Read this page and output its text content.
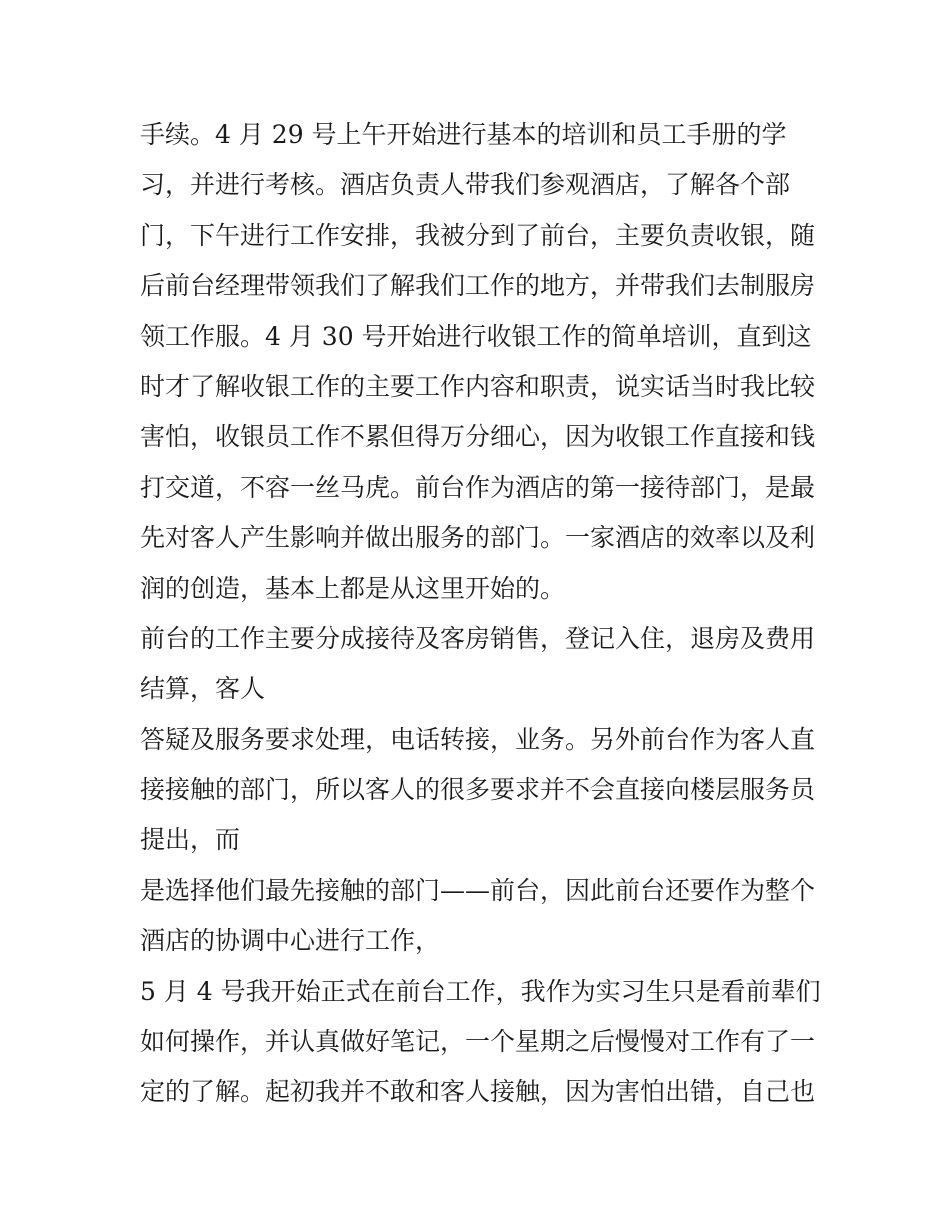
手续。4 月 29 号上午开始进行基本的培训和员工手册的学
习，并进行考核。酒店负责人带我们参观酒店，了解各个部
门，下午进行工作安排，我被分到了前台，主要负责收银，随
后前台经理带领我们了解我们工作的地方，并带我们去制服房
领工作服。4 月 30 号开始进行收银工作的简单培训，直到这
时才了解收银工作的主要工作内容和职责，说实话当时我比较
害怕，收银员工作不累但得万分细心，因为收银工作直接和钱
打交道，不容一丝马虎。前台作为酒店的第一接待部门，是最
先对客人产生影响并做出服务的部门。一家酒店的效率以及利
润的创造，基本上都是从这里开始的。
前台的工作主要分成接待及客房销售，登记入住，退房及费用
结算，客人
答疑及服务要求处理，电话转接，业务。另外前台作为客人直
接接触的部门，所以客人的很多要求并不会直接向楼层服务员
提出，而
是选择他们最先接触的部门——前台，因此前台还要作为整个
酒店的协调中心进行工作，
5 月 4 号我开始正式在前台工作，我作为实习生只是看前辈们
如何操作，并认真做好笔记，一个星期之后慢慢对工作有了一
定的了解。起初我并不敢和客人接触，因为害怕出错，自己也
